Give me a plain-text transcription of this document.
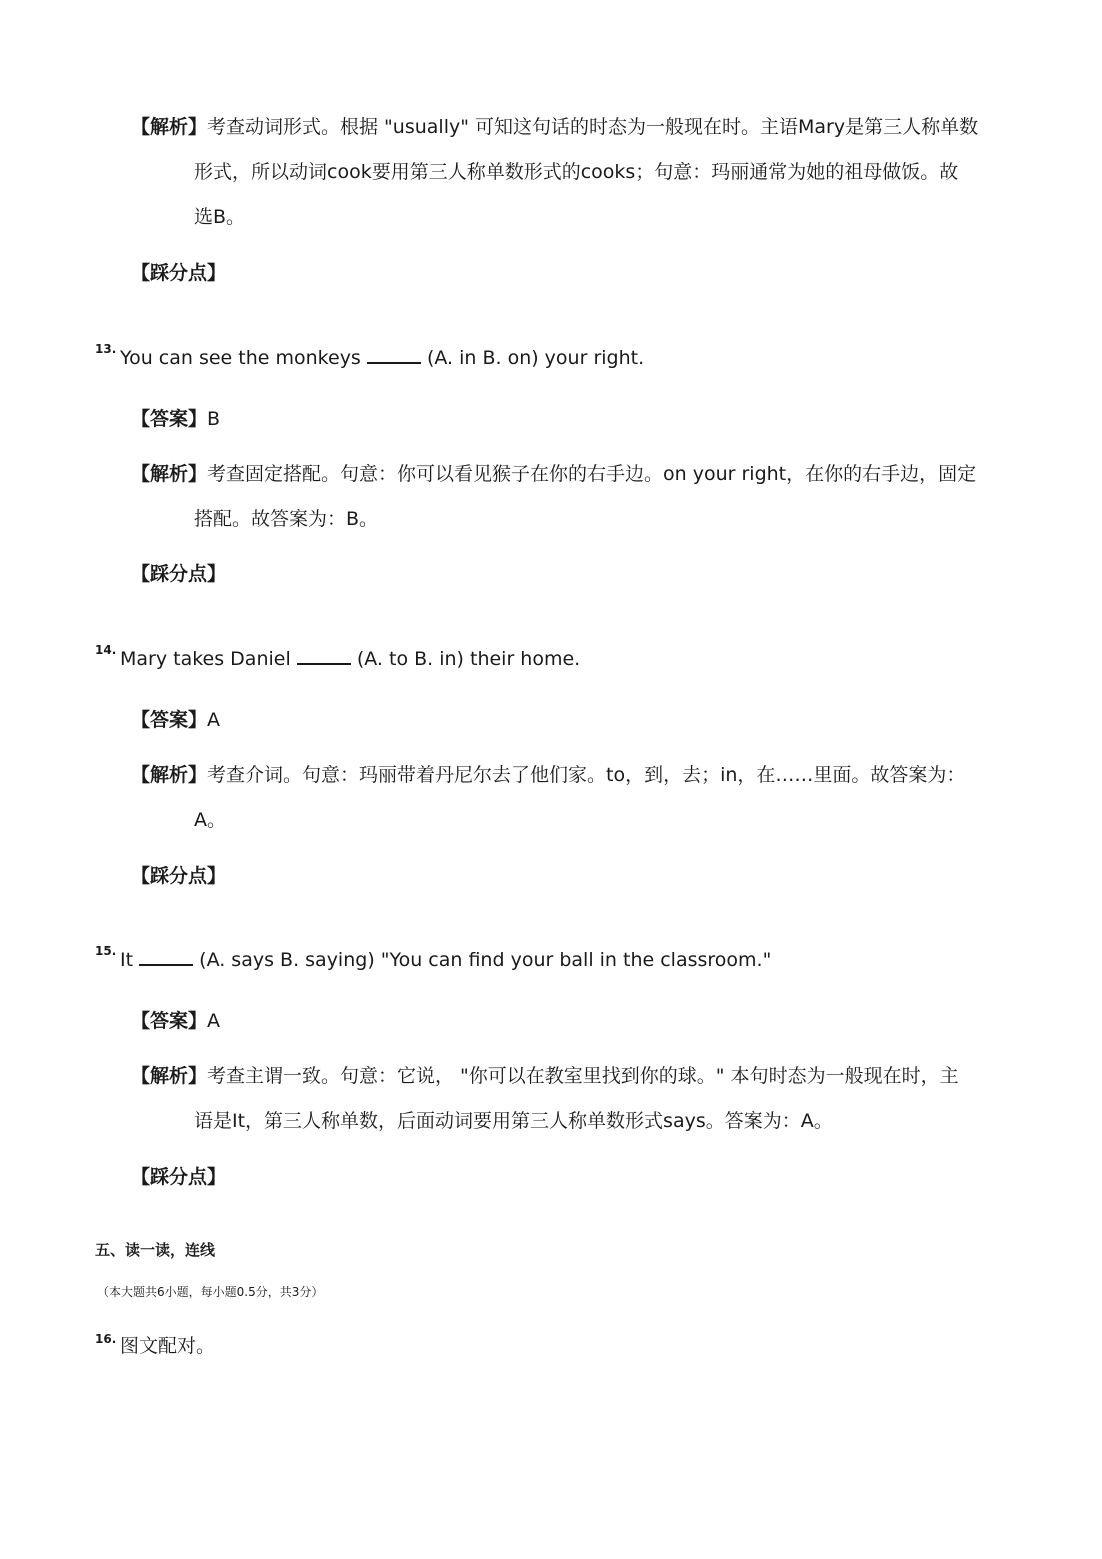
【解析】考查动词形式。根据 "usually" 可知这句话的时态为一般现在时。主语Mary是第三人称单数
形式，所以动词cook要用第三人称单数形式的cooks；句意：玛丽通常为她的祖母做饭。故
选B。
【踩分点】
13. You can see the monkeys	(A. in B. on) your right.
【答案】B
【解析】考查固定搭配。句意：你可以看见猴子在你的右手边。on your right，在你的右手边，固定
搭配。故答案为：B。
【踩分点】
14. Mary takes Daniel	(A. to B. in) their home.
【答案】A
【解析】考查介词。句意：玛丽带着丹尼尔去了他们家。to，到，去；in，在……里面。故答案为：
A。
【踩分点】
15. It	(A. says B. saying) "You can find your ball in the classroom."
【答案】A
【解析】考查主谓一致。句意：它说， "你可以在教室里找到你的球。" 本句时态为一般现在时，主
语是It，第三人称单数，后面动词要用第三人称单数形式says。答案为：A。
【踩分点】
五、读一读，连线
（本大题共6小题，每小题0.5分，共3分）
16. 图文配对。
